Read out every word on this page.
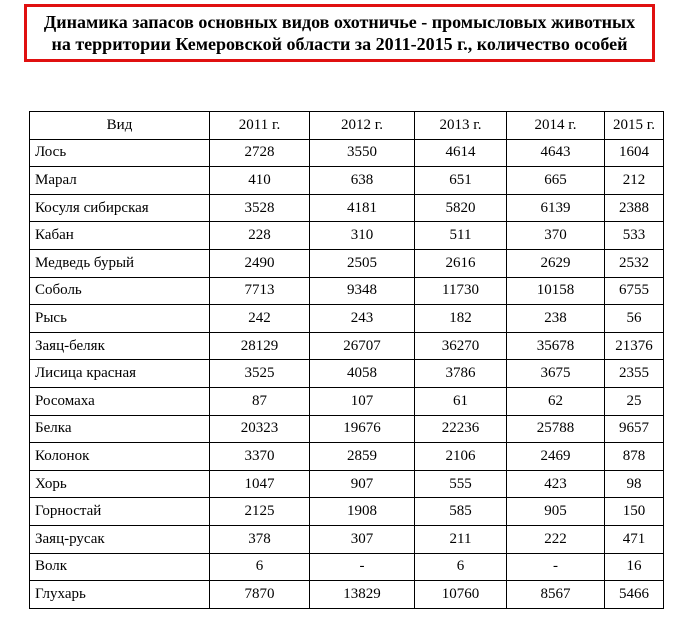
Динамика запасов основных видов охотничье - промысловых животных
на территории Кемеровской области за 2011-2015 г., количество особей
Вид	2011 г.	2012 г.	2013 г.	2014 г.	2015 г.
Лось	2728	3550	4614	4643	1604
Марал	410	638	651	665	212
Косуля сибирская	3528	4181	5820	6139	2388
Кабан	228	310	511	370	533
Медведь бурый	2490	2505	2616	2629	2532
Соболь	7713	9348	11730	10158	6755
Рысь	242	243	182	238	56
Заяц-беляк	28129	26707	36270	35678	21376
Лисица красная	3525	4058	3786	3675	2355
Росомаха	87	107	61	62	25
Белка	20323	19676	22236	25788	9657
Колонок	3370	2859	2106	2469	878
Хорь	1047	907	555	423	98
Горностай	2125	1908	585	905	150
Заяц-русак	378	307	211	222	471
Волк	6	-	6	-	16
Глухарь	7870	13829	10760	8567	5466
